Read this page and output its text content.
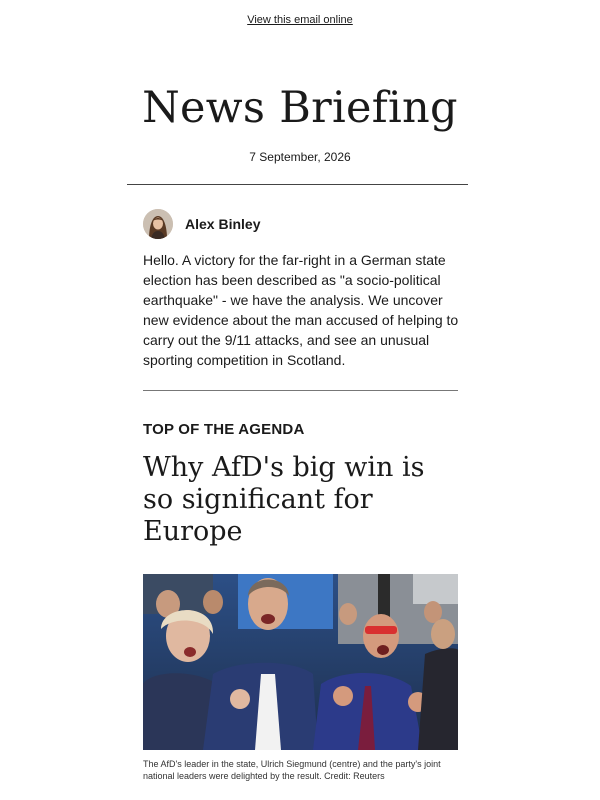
View this email online
News Briefing
7 September, 2026
Alex Binley

Hello. A victory for the far-right in a German state election has been described as "a socio-political earthquake" - we have the analysis. We uncover new evidence about the man accused of helping to carry out the 9/11 attacks, and see an unusual sporting competition in Scotland.

TOP OF THE AGENDA
Why AfD's big win is so significant for Europe

The AfD's leader in the state, Ulrich Siegmund (centre) and the party's joint national leaders were delighted by the result. Credit: Reuters
